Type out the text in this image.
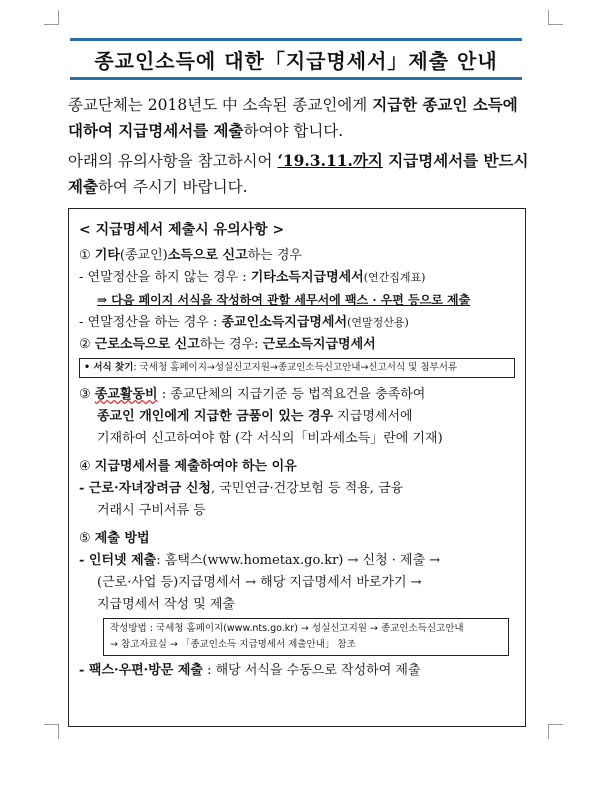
종교인소득에 대한「지급명세서」제출 안내
종교단체는 2018년도 中 소속된 종교인에게 지급한 종교인 소득에 대하여 지급명세서를 제출하여야 합니다.
아래의 유의사항을 참고하시어 ‘19.3.11.까지 지급명세서를 반드시 제출하여 주시기 바랍니다.
< 지급명세서 제출시 유의사항 >
① 기타(종교인)소득으로 신고하는 경우
- 연말정산을 하지 않는 경우 : 기타소득지급명세서(연간집계표)
⇒ 다음 페이지 서식을 작성하여 관할 세무서에 팩스 · 우편 등으로 제출
- 연말정산을 하는 경우 : 종교인소득지급명세서(연말정산용)
② 근로소득으로 신고하는 경우: 근로소득지급명세서
• 서식 찾기: 국세청 홈페이지→성실신고지원→종교인소득신고안내→신고서식 및 첨부서류
③ 종교활동비 : 종교단체의 지급기준 등 법적요건을 충족하여
종교인 개인에게 지급한 금품이 있는 경우 지급명세서에
기재하여 신고하여야 함 (각 서식의「비과세소득」란에 기재)
④ 지급명세서를 제출하여야 하는 이유
- 근로·자녀장려금 신청, 국민연금·건강보험 등 적용, 금융
거래시 구비서류 등
⑤ 제출 방법
- 인터넷 제출: 홈택스(www.hometax.go.kr) → 신청 · 제출 →
(근로·사업 등)지급명세서 → 해당 지급명세서 바로가기 →
지급명세서 작성 및 제출
작성방법 : 국세청 홈페이지(www.nts.go.kr) → 성실신고지원 → 종교인소득신고안내
→ 참고자료실 → 「종교인소득 지급명세서 제출안내」 참조
- 팩스·우편·방문 제출 : 해당 서식을 수동으로 작성하여 제출
